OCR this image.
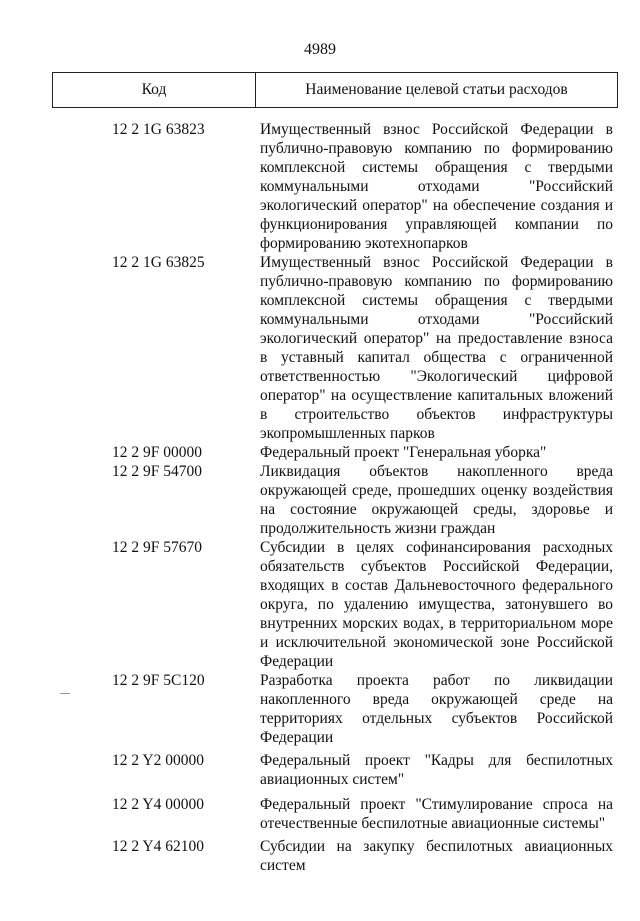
4989
Код	Наименование целевой статьи расходов
12 2 1G 63823	Имущественный взнос Российской Федерации в публично-правовую компанию по формированию комплексной системы обращения с твердыми коммунальными отходами "Российский экологический оператор" на обеспечение создания и функционирования управляющей компании по формированию экотехнопарков
12 2 1G 63825	Имущественный взнос Российской Федерации в публично-правовую компанию по формированию комплексной системы обращения с твердыми коммунальными отходами "Российский экологический оператор" на предоставление взноса в уставный капитал общества с ограниченной ответственностью "Экологический цифровой оператор" на осуществление капитальных вложений в строительство объектов инфраструктуры экопромышленных парков
12 2 9F 00000	Федеральный проект "Генеральная уборка"
12 2 9F 54700	Ликвидация объектов накопленного вреда окружающей среде, прошедших оценку воздействия на состояние окружающей среды, здоровье и продолжительность жизни граждан
12 2 9F 57670	Субсидии в целях софинансирования расходных обязательств субъектов Российской Федерации, входящих в состав Дальневосточного федерального округа, по удалению имущества, затонувшего во внутренних морских водах, в территориальном море и исключительной экономической зоне Российской Федерации
12 2 9F 5C120	Разработка проекта работ по ликвидации накопленного вреда окружающей среде на территориях отдельных субъектов Российской Федерации
12 2 Y2 00000	Федеральный проект "Кадры для беспилотных авиационных систем"
12 2 Y4 00000	Федеральный проект "Стимулирование спроса на отечественные беспилотные авиационные системы"
12 2 Y4 62100	Субсидии на закупку беспилотных авиационных систем
